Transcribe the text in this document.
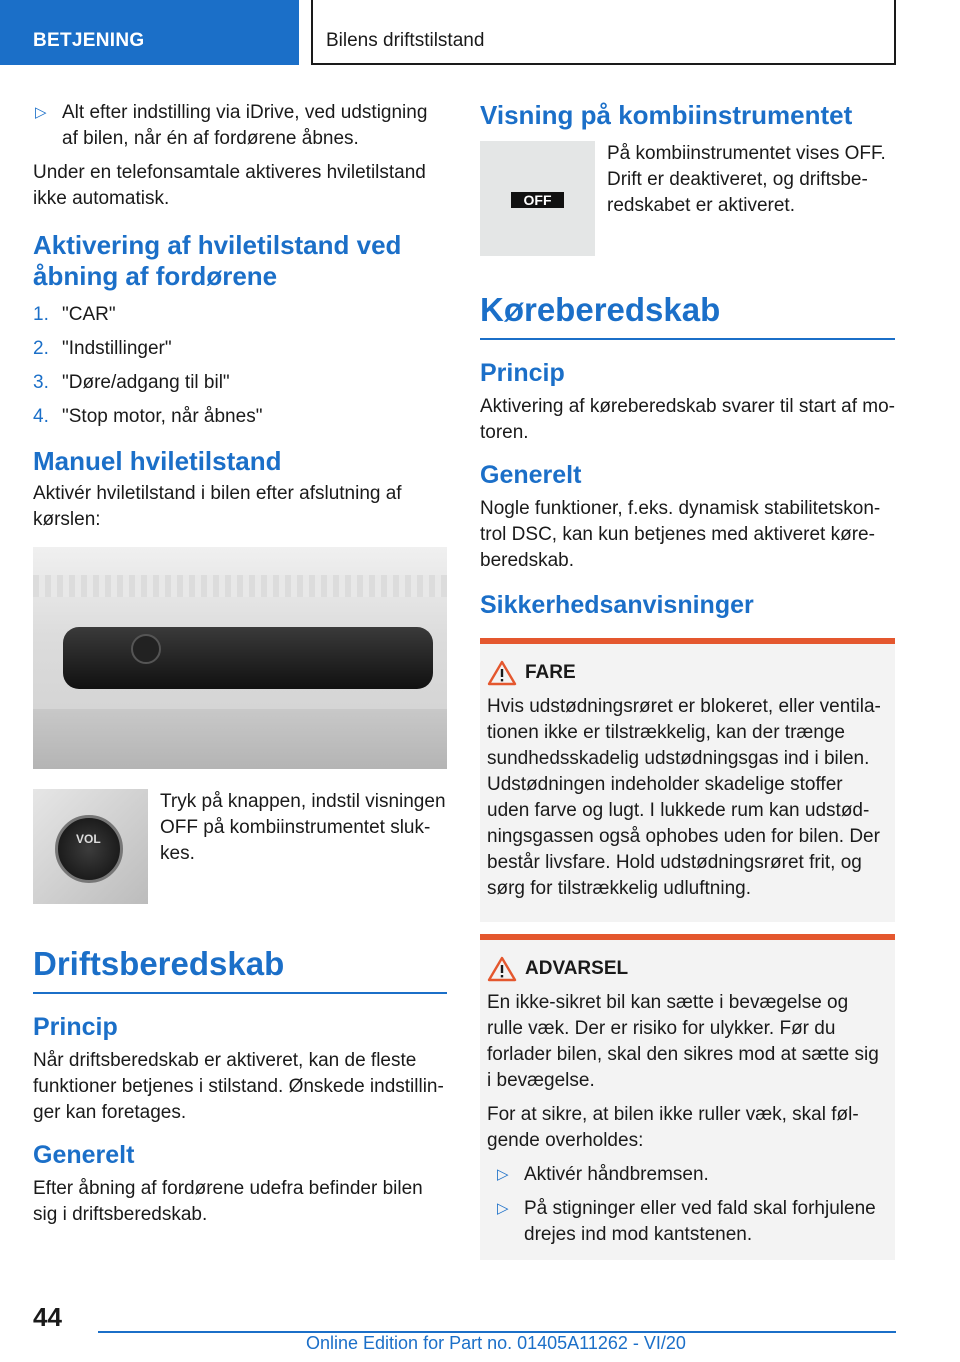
BETJENING	Bilens driftstilstand
▷ Alt efter indstilling via iDrive, ved udstigning af bilen, når én af fordørene åbnes.

Under en telefonsamtale aktiveres hviletilstand ikke automatisk.

Aktivering af hviletilstand ved åbning af fordørene
1. "CAR"
2. "Indstillinger"
3. "Døre/adgang til bil"
4. "Stop motor, når åbnes"
Manuel hviletilstand

Aktivér hviletilstand i bilen efter afslutning af kørslen:

VOL

Tryk på knappen, indstil visningen OFF på kombiinstrumentet slukkes.

Driftsberedskab
Princip

Når driftsberedskab er aktiveret, kan de fleste funktioner betjenes i stilstand. Ønskede indstillinger kan foretages.

Generelt

Efter åbning af fordørene udefra befinder bilen sig i driftsberedskab.

Visning på kombiinstrumentet
OFF

På kombiinstrumentet vises OFF. Drift er deaktiveret, og driftsberedskabet er aktiveret.

Køreberedskab
Princip

Aktivering af køreberedskab svarer til start af motoren.

Generelt

Nogle funktioner, f.eks. dynamisk stabilitetskontrol DSC, kan kun betjenes med aktiveret køreberedskab.

Sikkerhedsanvisninger
FARE

Hvis udstødningsrøret er blokeret, eller ventilationen ikke er tilstrækkelig, kan der trænge sundhedsskadelig udstødningsgas ind i bilen. Udstødningen indeholder skadelige stoffer uden farve og lugt. I lukkede rum kan udstødningsgassen også ophobes uden for bilen. Der består livsfare. Hold udstødningsrøret frit, og sørg for tilstrækkelig udluftning.

ADVARSEL

En ikke-sikret bil kan sætte i bevægelse og rulle væk. Der er risiko for ulykker. Før du forlader bilen, skal den sikres mod at sætte sig i bevægelse.

For at sikre, at bilen ikke ruller væk, skal følgende overholdes:

▷ Aktivér håndbremsen.
▷ På stigninger eller ved fald skal forhjulene drejes ind mod kantstenen.
44
Online Edition for Part no. 01405A11262 - VI/20
